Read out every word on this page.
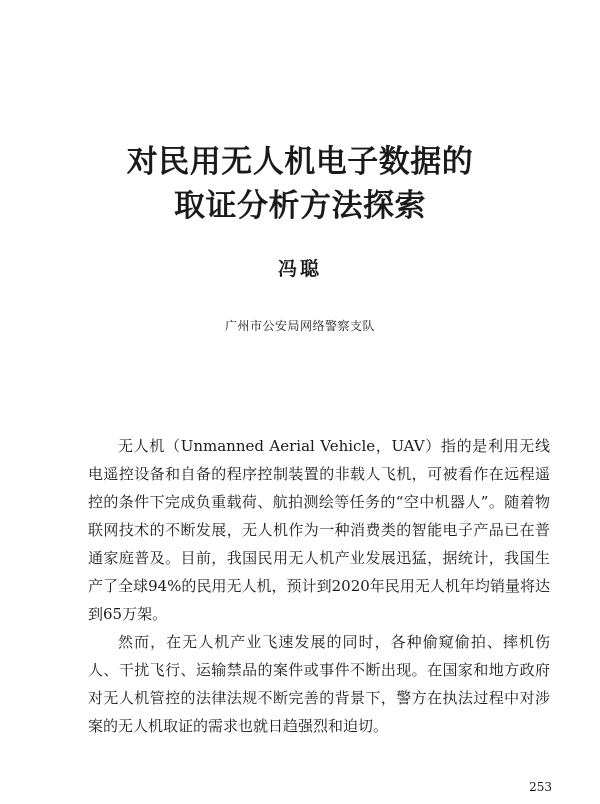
对民用无人机电子数据的
取证分析方法探索
冯聪
广州市公安局网络警察支队

无人机（Unmanned Aerial Vehicle，UAV）指的是利用无线电遥控设备和自备的程序控制装置的非载人飞机，可被看作在远程遥控的条件下完成负重载荷、航拍测绘等任务的“空中机器人”。随着物联网技术的不断发展，无人机作为一种消费类的智能电子产品已在普通家庭普及。目前，我国民用无人机产业发展迅猛，据统计，我国生产了全球94%的民用无人机，预计到2020年民用无人机年均销量将达到65万架。

然而，在无人机产业飞速发展的同时，各种偷窥偷拍、摔机伤人、干扰飞行、运输禁品的案件或事件不断出现。在国家和地方政府对无人机管控的法律法规不断完善的背景下，警方在执法过程中对涉案的无人机取证的需求也就日趋强烈和迫切。

253
